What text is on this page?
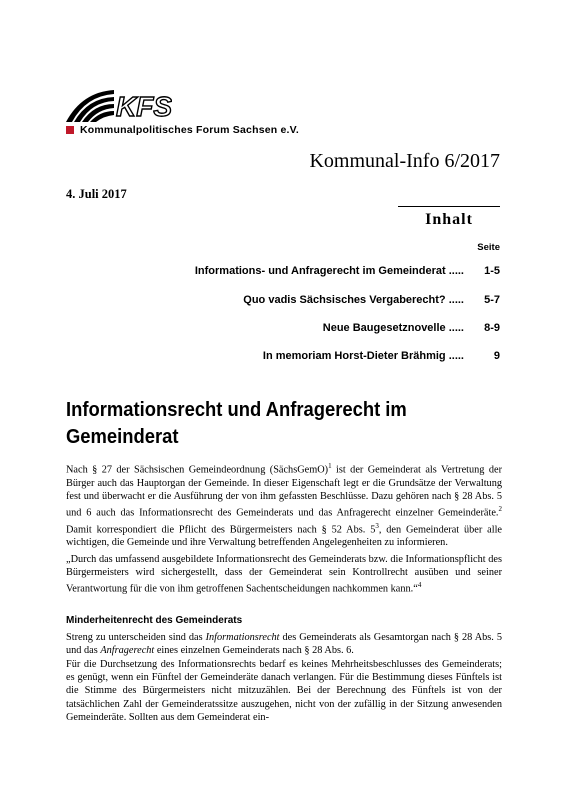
KFS
Kommunalpolitisches Forum Sachsen e.V.
Kommunal-Info 6/2017
4. Juli 2017
Inhalt
Seite
Informations- und Anfragerecht im Gemeinderat .....	1-5
Quo vadis Sächsisches Vergaberecht? .....	5-7
Neue Baugesetznovelle .....	8-9
In memoriam Horst-Dieter Brähmig .....	9
Informationsrecht und Anfragerecht im Gemeinderat
Nach § 27 der Sächsischen Gemeindeordnung (SächsGemO)$^1$ ist der Gemeinderat als Vertretung der Bürger auch das Hauptorgan der Gemeinde. In dieser Eigenschaft legt er die Grundsätze der Verwaltung fest und überwacht er die Ausführung der von ihm gefassten Beschlüsse. Dazu gehören nach § 28 Abs. 5 und 6 auch das Informationsrecht des Gemeinderats und das Anfragerecht einzelner Gemeinderäte.$^2$ Damit korrespondiert die Pflicht des Bürgermeisters nach § 52 Abs. $5^3$, den Gemeinderat über alle wichtigen, die Gemeinde und ihre Verwaltung betreffenden Angelegenheiten zu informieren.
„Durch das umfassend ausgebildete Informationsrecht des Gemeinderats bzw. die Informationspflicht des Bürgermeisters wird sichergestellt, dass der Gemeinderat sein Kontrollrecht ausüben und seiner Verantwortung für die von ihm getroffenen Sachentscheidungen nachkommen kann.“$^4$
Minderheitenrecht des Gemeinderats
Streng zu unterscheiden sind das Informationsrecht des Gemeinderats als Gesamtorgan nach § 28 Abs. 5 und das Anfragerecht eines einzelnen Gemeinderats nach § 28 Abs. 6.
Für die Durchsetzung des Informationsrechts bedarf es keines Mehrheitsbeschlusses des Gemeinderats; es genügt, wenn ein Fünftel der Gemeinderäte danach verlangen. Für die Bestimmung dieses Fünftels ist die Stimme des Bürgermeisters nicht mitzuzählen. Bei der Berechnung des Fünftels ist von der tatsächlichen Zahl der Gemeinderatssitze auszugehen, nicht von der zufällig in der Sitzung anwesenden Gemeinderäte. Sollten aus dem Gemeinderat ein-
